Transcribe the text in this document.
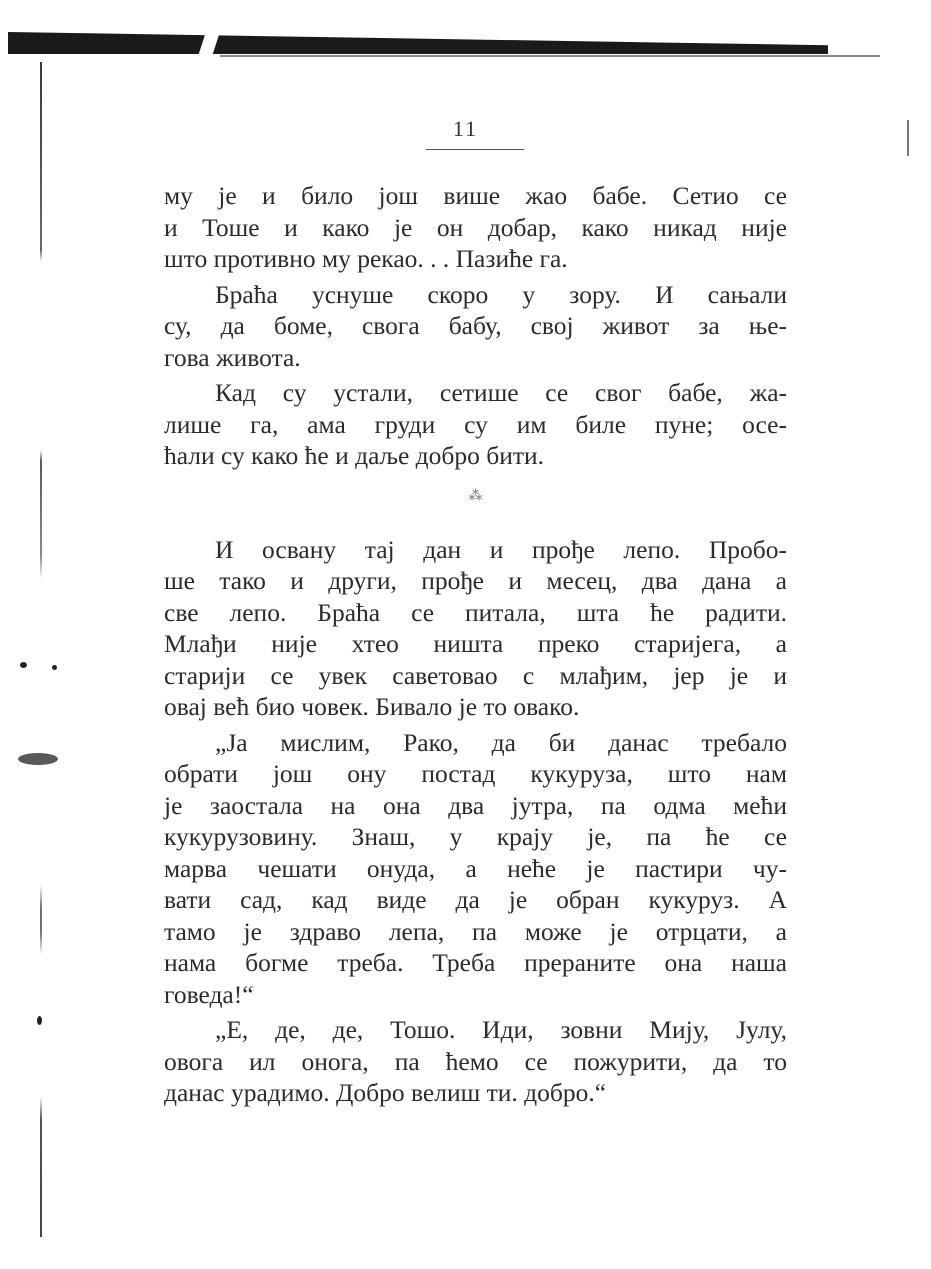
11
му је и било још више жао бабе. Сетио се
и Тоше и како је он добар, како никад није
што противно му рекао. . . Пазиће га.
Браћа уснуше скоро у зору. И сањали
су, да боме, свога бабу, свој живот за ње-
гова живота.
Кад су устали, сетише се свог бабе, жа-
лише га, ама груди су им биле пуне; осе-
ћали су како ће и даље добро бити.
⁂
И освану тај дан и прође лепо. Пробо-
ше тако и други, прође и месец, два дана а
све лепо. Браћа се питала, шта ће радити.
Млађи није хтео ништа преко старијега, а
старији се увек саветовао с млађим, јер је и
овај већ био човек. Бивало је то овако.
„Ја мислим, Рако, да би данас требало
обрати још ону постад кукуруза, што нам
је заостала на она два јутра, па одма мећи
кукурузовину. Знаш, у крају је, па ће се
марва чешати онуда, а неће је пастири чу-
вати сад, кад виде да је обран кукуруз. А
тамо је здраво лепа, па може је отрцати, а
нама богме треба. Треба прераните она наша
говеда!“
„Е, де, де, Тошо. Иди, зовни Мију, Јулу,
овога ил онога, па ћемо се пожурити, да то
данас урадимо. Добро велиш ти. добро.“
